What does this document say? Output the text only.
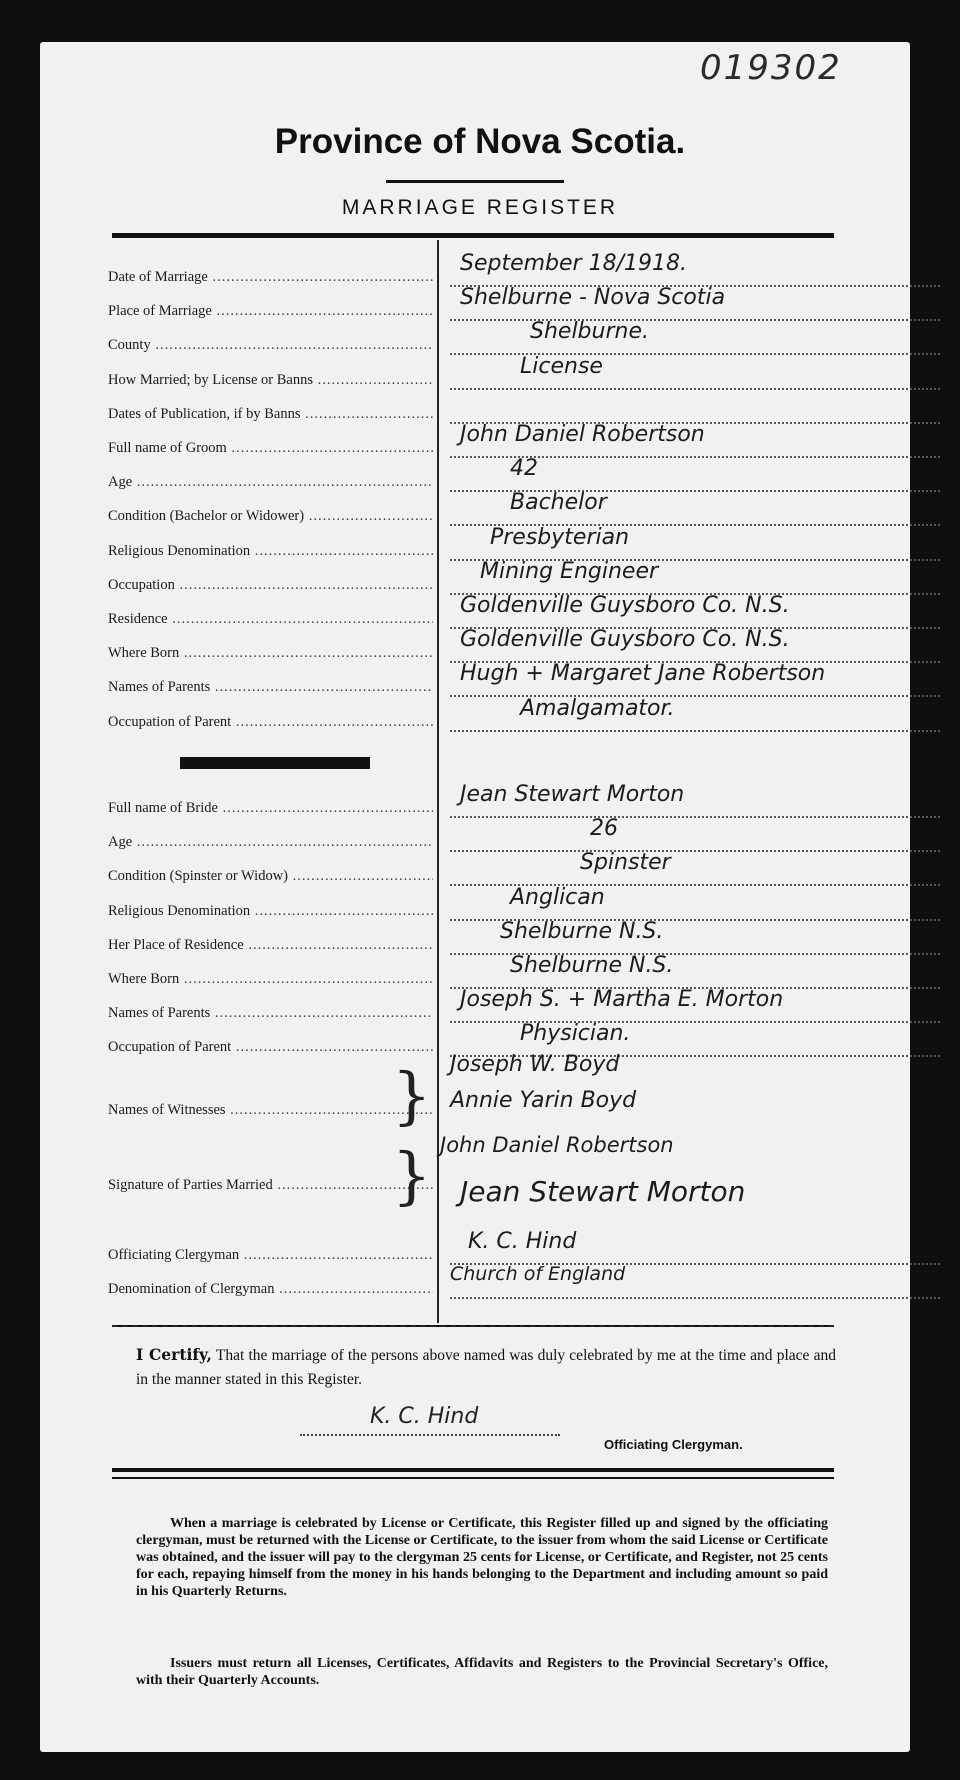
019302
Province of Nova Scotia.
MARRIAGE REGISTER
Date of Marriage .....
September 18/1918.
Place of Marriage .....
Shelburne - Nova Scotia
County .....
Shelburne.
How Married; by License or Banns .....
License
Dates of Publication, if by Banns .....
Full name of Groom .....
John Daniel Robertson
Age .....
42
Condition (Bachelor or Widower) .....
Bachelor
Religious Denomination .....
Presbyterian
Occupation .....
Mining Engineer
Residence .....
Goldenville Guysboro Co. N.S.
Where Born .....
Goldenville Guysboro Co. N.S.
Names of Parents .....
Hugh + Margaret Jane Robertson
Occupation of Parent .....
Amalgamator.
Full name of Bride .....
Jean Stewart Morton
Age .....
26
Condition (Spinster or Widow) .....
Spinster
Religious Denomination .....
Anglican
Her Place of Residence .....
Shelburne N.S.
Where Born .....
Shelburne N.S.
Names of Parents .....
Joseph S. + Martha E. Morton
Occupation of Parent .....
Physician.
Names of Witnesses .....	} Joseph W. Boyd
Annie Yarin Boyd
Signature of Parties Married .....	} John Daniel Robertson
Jean Stewart Morton
Officiating Clergyman .....
K. C. Hind
Denomination of Clergyman .....
Church of England
I Certify, That the marriage of the persons above named was duly celebrated by me at the time and place and in the manner stated in this Register.
K. C. Hind
Officiating Clergyman.
When a marriage is celebrated by License or Certificate, this Register filled up and signed by the officiating clergyman, must be returned with the License or Certificate, to the issuer from whom the said License or Certificate was obtained, and the issuer will pay to the clergyman 25 cents for License, or Certificate, and Register, not 25 cents for each, repaying himself from the money in his hands belonging to the Department and including amount so paid in his Quarterly Returns.
Issuers must return all Licenses, Certificates, Affidavits and Registers to the Provincial Secretary's Office, with their Quarterly Accounts.
